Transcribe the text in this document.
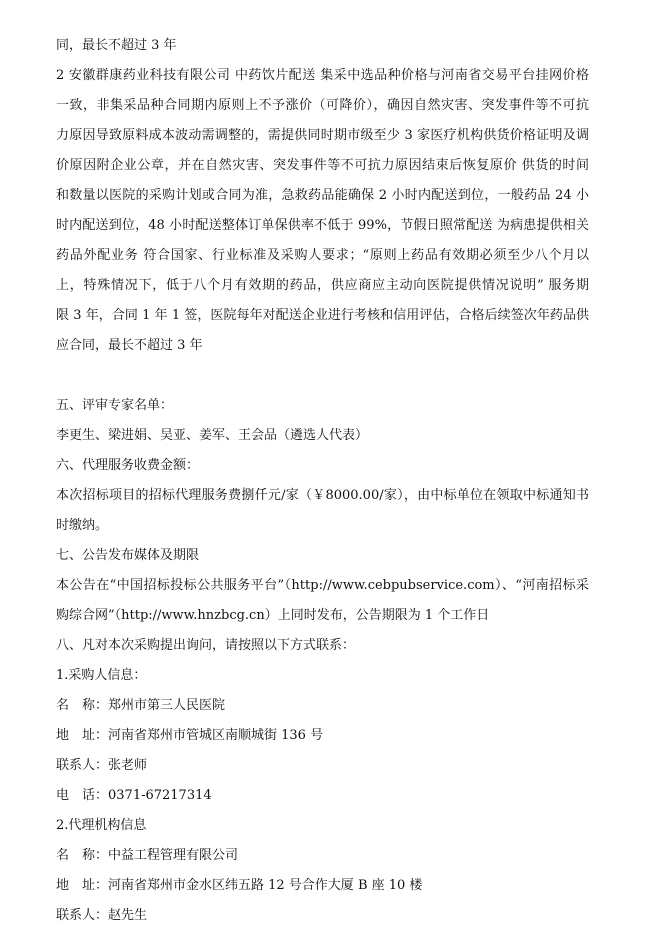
同，最长不超过 3 年
2 安徽群康药业科技有限公司 中药饮片配送 集采中选品种价格与河南省交易平台挂网价格
一致，非集采品种合同期内原则上不予涨价（可降价），确因自然灾害、突发事件等不可抗
力原因导致原料成本波动需调整的，需提供同时期市级至少 3 家医疗机构供货价格证明及调
价原因附企业公章，并在自然灾害、突发事件等不可抗力原因结束后恢复原价 供货的时间
和数量以医院的采购计划或合同为准，急救药品能确保 2 小时内配送到位，一般药品 24 小
时内配送到位，48 小时配送整体订单保供率不低于 99%，节假日照常配送 为病患提供相关
药品外配业务 符合国家、行业标准及采购人要求；“原则上药品有效期必须至少八个月以
上，特殊情况下，低于八个月有效期的药品，供应商应主动向医院提供情况说明” 服务期
限 3 年，合同 1 年 1 签，医院每年对配送企业进行考核和信用评估，合格后续签次年药品供
应合同，最长不超过 3 年
五、评审专家名单：
李更生、梁进娟、吴亚、姜军、王会品（遴选人代表）
六、代理服务收费金额：
本次招标项目的招标代理服务费捌仟元/家（￥8000.00/家），由中标单位在领取中标通知书
时缴纳。
七、公告发布媒体及期限
本公告在“中国招标投标公共服务平台”（http://www.cebpubservice.com）、“河南招标采
购综合网”（http://www.hnzbcg.cn）上同时发布，公告期限为 1 个工作日
八、凡对本次采购提出询问，请按照以下方式联系：
1.采购人信息：
名　称：郑州市第三人民医院
地　址：河南省郑州市管城区南顺城街 136 号
联系人：张老师
电　话：0371-67217314
2.代理机构信息
名　称：中益工程管理有限公司
地　址：河南省郑州市金水区纬五路 12 号合作大厦 B 座 10 楼
联系人：赵先生
